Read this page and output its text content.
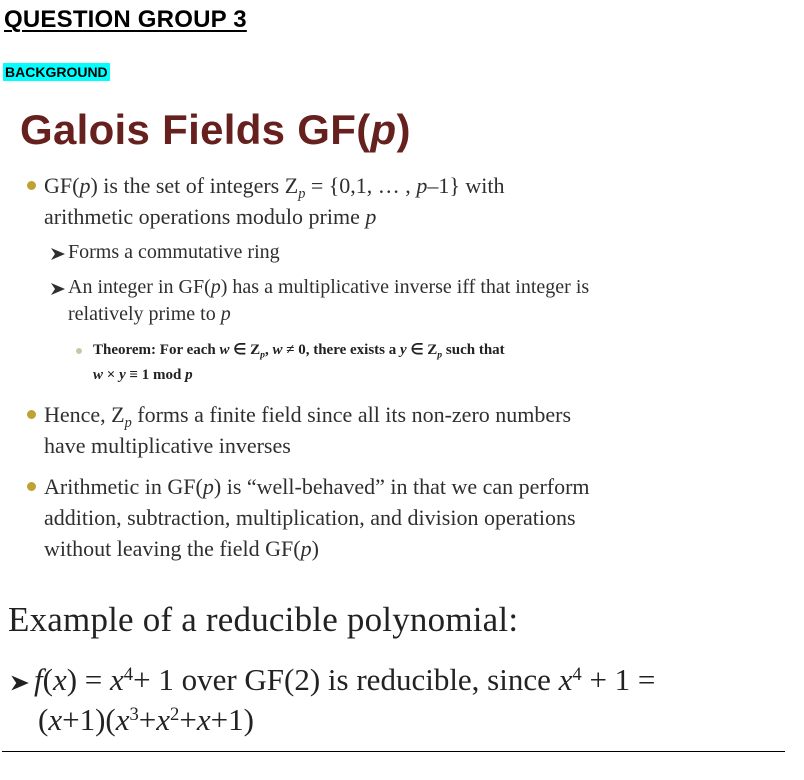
QUESTION GROUP 3
BACKGROUND
Galois Fields GF(p)
GF(p) is the set of integers $Z_p = \{0,1$, … , p–1} with
arithmetic operations modulo prime p
Forms a commutative ring
An integer in GF(p) has a multiplicative inverse iff that integer is
relatively prime to p
Theorem: For each w ∈ $Z_p$, w ≠ 0, there exists a y ∈ $Z_p$ such that
w × y ≡ 1 mod p
Hence, $Z_p$ forms a finite field since all its non-zero numbers
have multiplicative inverses
Arithmetic in GF(p) is “well-behaved” in that we can perform
addition, subtraction, multiplication, and division operations
without leaving the field GF(p)
Example of a reducible polynomial:
$f(x) = x^4+ 1$ over GF(2) is reducible, since $x^4 + 1$ =
$(x+1)(x^3+x^2+x+1)$
